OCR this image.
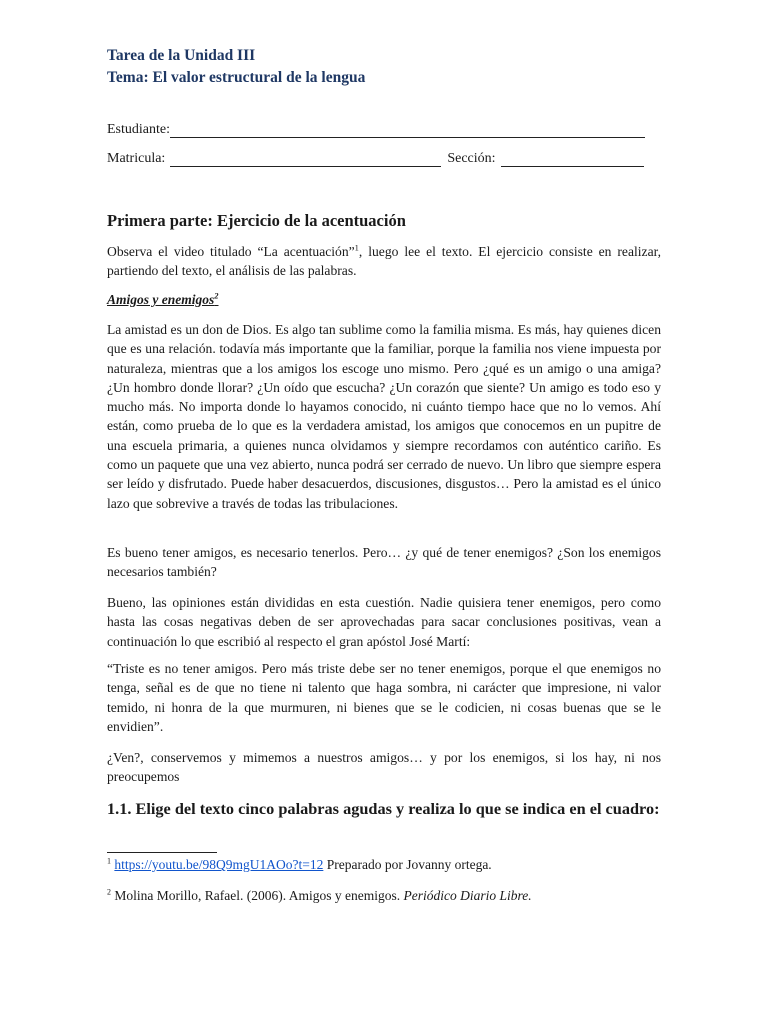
Tarea de la Unidad III
Tema: El valor estructural de la lengua
Estudiante:
Matricula:	Sección:
Primera parte: Ejercicio de la acentuación
Observa el video titulado “La acentuación”$^1$, luego lee el texto. El ejercicio consiste en realizar, partiendo del texto, el análisis de las palabras.
Amigos y enemigos$^2$
La amistad es un don de Dios. Es algo tan sublime como la familia misma. Es más, hay quienes dicen que es una relación. todavía más importante que la familiar, porque la familia nos viene impuesta por naturaleza, mientras que a los amigos los escoge uno mismo. Pero ¿qué es un amigo o una amiga? ¿Un hombro donde llorar? ¿Un oído que escucha? ¿Un corazón que siente? Un amigo es todo eso y mucho más. No importa donde lo hayamos conocido, ni cuánto tiempo hace que no lo vemos. Ahí están, como prueba de lo que es la verdadera amistad, los amigos que conocemos en un pupitre de una escuela primaria, a quienes nunca olvidamos y siempre recordamos con auténtico cariño. Es como un paquete que una vez abierto, nunca podrá ser cerrado de nuevo. Un libro que siempre espera ser leído y disfrutado. Puede haber desacuerdos, discusiones, disgustos… Pero la amistad es el único lazo que sobrevive a través de todas las tribulaciones.
Es bueno tener amigos, es necesario tenerlos. Pero… ¿y qué de tener enemigos? ¿Son los enemigos necesarios también?
Bueno, las opiniones están divididas en esta cuestión. Nadie quisiera tener enemigos, pero como hasta las cosas negativas deben de ser aprovechadas para sacar conclusiones positivas, vean a continuación lo que escribió al respecto el gran apóstol José Martí:
“Triste es no tener amigos. Pero más triste debe ser no tener enemigos, porque el que enemigos no tenga, señal es de que no tiene ni talento que haga sombra, ni carácter que impresione, ni valor temido, ni honra de la que murmuren, ni bienes que se le codicien, ni cosas buenas que se le envidien”.
¿Ven?, conservemos y mimemos a nuestros amigos… y por los enemigos, si los hay, ni nos preocupemos
1.1. Elige del texto cinco palabras agudas y realiza lo que se indica en el cuadro:
$^1$ https://youtu.be/98Q9mgU1AOo?t=12 Preparado por Jovanny ortega.
$^2$ Molina Morillo, Rafael. (2006). Amigos y enemigos. Periódico Diario Libre.
